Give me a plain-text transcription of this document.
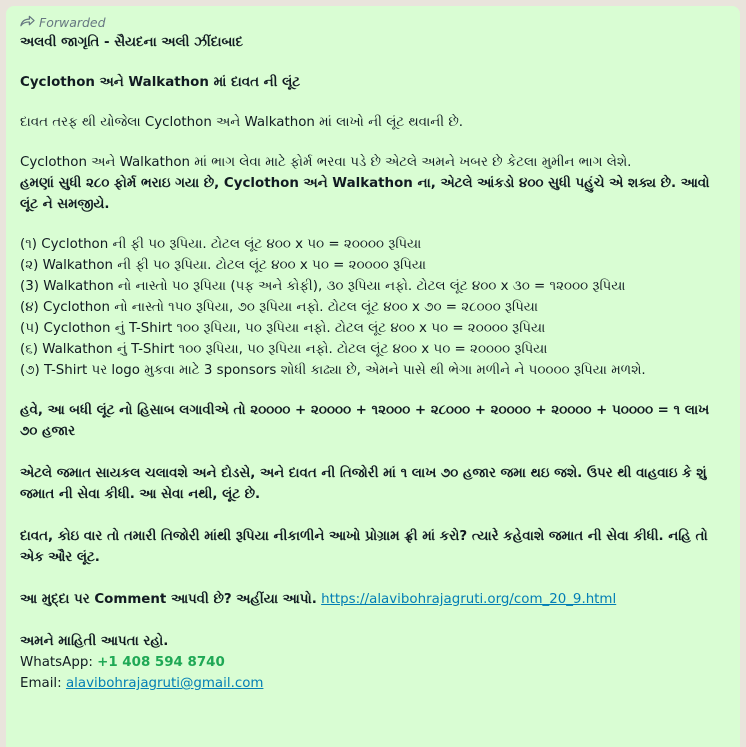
Forwarded
અલવી જાગૃતિ - સૈયદના અલી ઝીંદાબાદ
Cyclothon અને Walkathon માં દાવત ની લૂંટ
દાવત તરફ થી યોજેલા Cyclothon અને Walkathon માં લાખો ની લૂંટ થવાની છે.
Cyclothon અને Walkathon માં ભાગ લેવા માટે ફોર્મ ભરવા પડે છે એટલે અમને ખબર છે કેટલા મુમીન ભાગ લેશે.
હમણાં સુધી ૨૮૦ ફોર્મ ભરાઇ ગયા છે, Cyclothon અને Walkathon ના, એટલે આંકડો ૪૦૦ સુધી પહુંચે એ શક્ય છે. આવો લૂંટ ને સમજીયે.
(૧) Cyclothon ની ફી ૫૦ રૂપિયા. ટોટલ લૂંટ ૪૦૦ x ૫૦ = ૨૦૦૦૦ રૂપિયા
(૨) Walkathon ની ફી ૫૦ રૂપિયા. ટોટલ લૂંટ ૪૦૦ x ૫૦ = ૨૦૦૦૦ રૂપિયા
(3) Walkathon નો નાસ્તો ૫૦ રૂપિયા (૫ફ અને કોફી), ૩૦ રૂપિયા નફો. ટોટલ લૂંટ ૪૦૦ x ૩૦ = ૧૨૦૦૦ રૂપિયા
(૪) Cyclothon નો નાસ્તો ૧૫૦ રૂપિયા, ૭૦ રૂપિયા નફો. ટોટલ લૂંટ ૪૦૦ x ૭૦ = ૨૮૦૦૦ રૂપિયા
(૫) Cyclothon નું T-Shirt ૧૦૦ રૂપિયા, ૫૦ રૂપિયા નફો. ટોટલ લૂંટ ૪૦૦ x ૫૦ = ૨૦૦૦૦ રૂપિયા
(૬) Walkathon નું T-Shirt ૧૦૦ રૂપિયા, ૫૦ રૂપિયા નફો. ટોટલ લૂંટ ૪૦૦ x ૫૦ = ૨૦૦૦૦ રૂપિયા
(૭) T-Shirt પર logo મુકવા માટે 3 sponsors શોધી કાઢ્યા છે, એમને પાસે થી ભેગા મળીને ને ૫૦૦૦૦ રૂપિયા મળશે.
હવે, આ બધી લૂંટ નો હિસાબ લગાવીએ તો ૨૦૦૦૦ + ૨૦૦૦૦ + ૧૨૦૦૦ + ૨૮૦૦૦ + ૨૦૦૦૦ + ૨૦૦૦૦ + ૫૦૦૦૦ = ૧ લાખ ૭૦ હજાર
એટલે જમાત સાયકલ ચલાવશે અને દોડસે, અને દાવત ની તિજોરી માં ૧ લાખ ૭૦ હજાર જમા થઇ જશે. ઉપર થી વાહવાઇ કે શું જમાત ની સેવા કીધી. આ સેવા નથી, લૂંટ છે.
દાવત, કોઇ વાર તો તમારી તિજોરી માંથી રૂપિયા નીકાળીને આખો પ્રોગ્રામ ફ્રી માં કરો? ત્યારે કહેવાશે જમાત ની સેવા કીધી. નહિ તો એક ઔર લૂંટ.
આ મુદ્દા પર Comment આપવી છે? અહીંયા આપો. https://alavibohrajagruti.org/com_20_9.html
અમને માહિતી આપતા રહો.
WhatsApp: +1 408 594 8740
Email: alavibohrajagruti@gmail.com
